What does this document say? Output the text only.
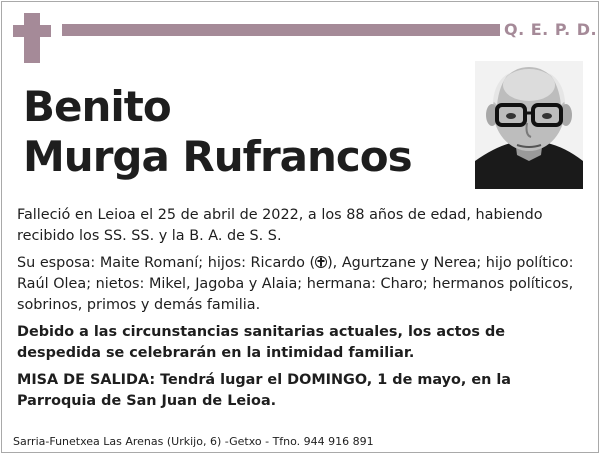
Q. E. P. D.
Benito
Murga Rufrancos

Falleció en Leioa el 25 de abril de 2022, a los 88 años de edad, habiendo recibido los SS. SS. y la B. A. de S. S.

Su esposa: Maite Romaní; hijos: Ricardo ( ), Agurtzane y Nerea; hijo político: Raúl Olea; nietos: Mikel, Jagoba y Alaia; hermana: Charo; hermanos políticos, sobrinos, primos y demás familia.

Debido a las circunstancias sanitarias actuales, los actos de despedida se celebrarán en la intimidad familiar.

MISA DE SALIDA: Tendrá lugar el DOMINGO, 1 de mayo, en la Parroquia de San Juan de Leioa.

Sarria-Funetxea Las Arenas (Urkijo, 6) -Getxo - Tfno. 944 916 891
